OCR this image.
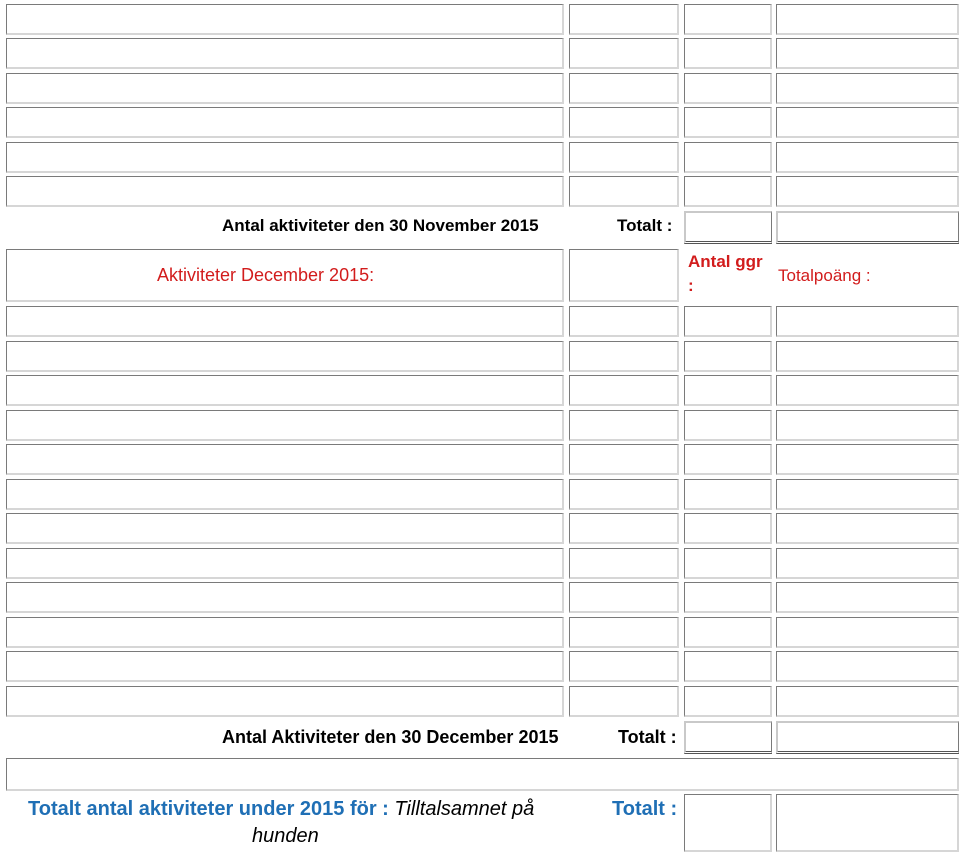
Antal aktiviteter den 30 November 2015	Totalt :
Aktiviteter December 2015:
Antal ggr
:
Totalpoäng :
Antal Aktiviteter den 30 December 2015	Totalt :
Totalt antal aktiviteter under 2015 för : Tilltalsamnet på
hunden
Totalt :
